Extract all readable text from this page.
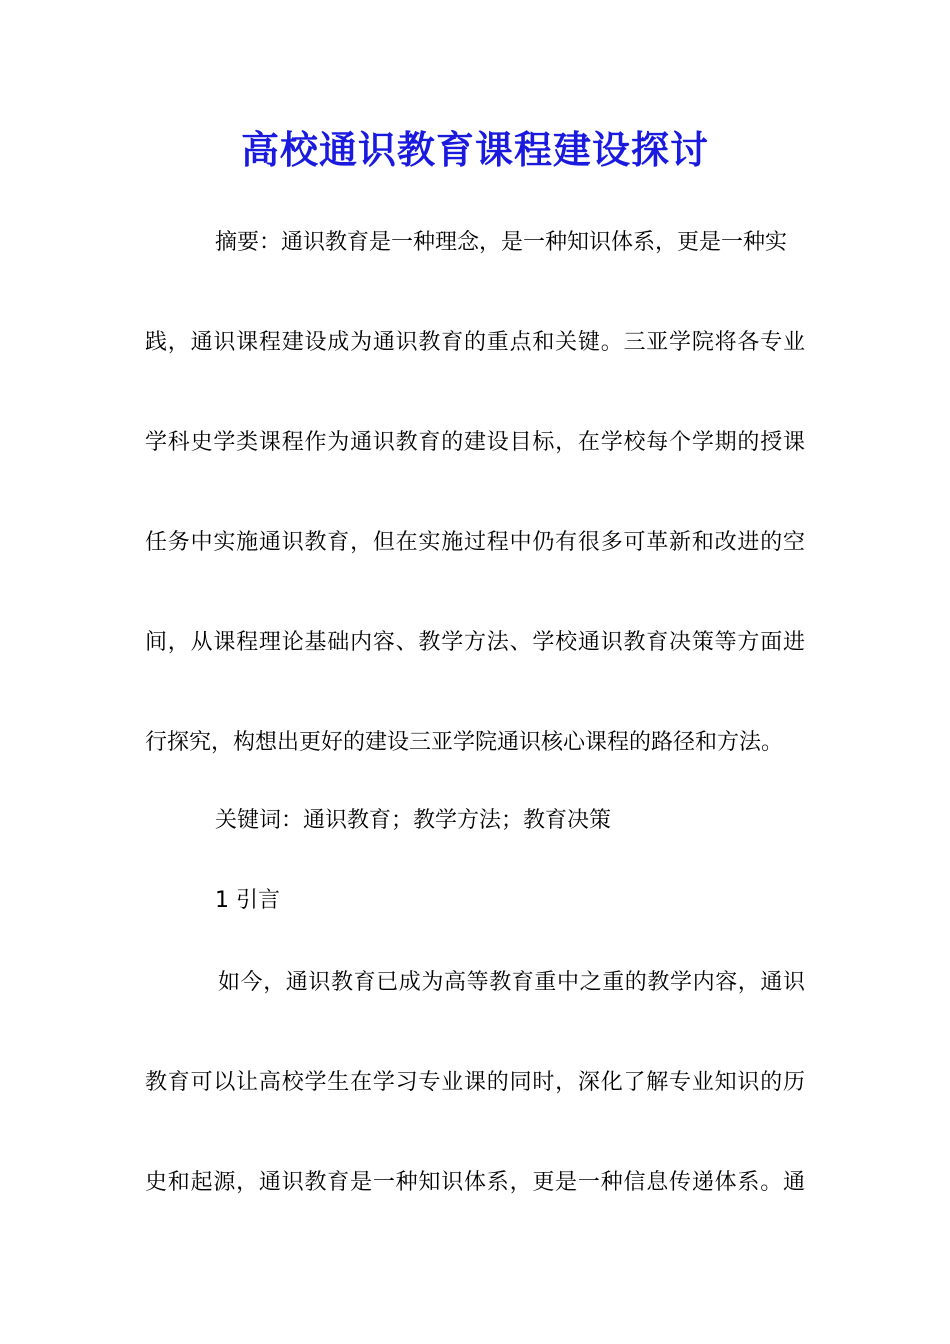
高校通识教育课程建设探讨
摘要：通识教育是一种理念，是一种知识体系，更是一种实
践，通识课程建设成为通识教育的重点和关键。三亚学院将各专业
学科史学类课程作为通识教育的建设目标，在学校每个学期的授课
任务中实施通识教育，但在实施过程中仍有很多可革新和改进的空
间，从课程理论基础内容、教学方法、学校通识教育决策等方面进
行探究，构想出更好的建设三亚学院通识核心课程的路径和方法。
关键词：通识教育；教学方法；教育决策
1 引言
如今，通识教育已成为高等教育重中之重的教学内容，通识
教育可以让高校学生在学习专业课的同时，深化了解专业知识的历
史和起源，通识教育是一种知识体系，更是一种信息传递体系。通
